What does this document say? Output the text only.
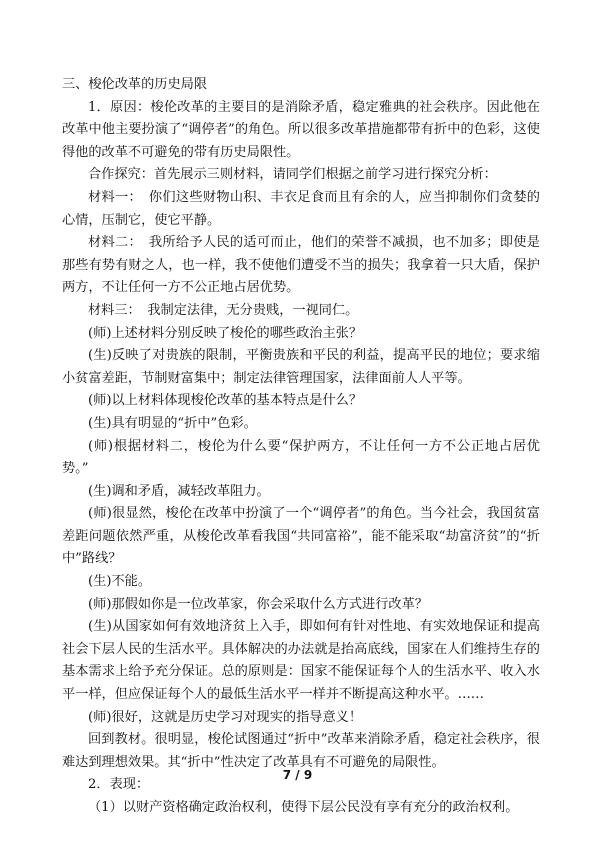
三、梭伦改革的历史局限

1．原因：梭伦改革的主要目的是消除矛盾，稳定雅典的社会秩序。因此他在改革中他主要扮演了“调停者”的角色。所以很多改革措施都带有折中的色彩，这使得他的改革不可避免的带有历史局限性。

合作探究：首先展示三则材料，请同学们根据之前学习进行探究分析：

材料一：　你们这些财物山积、丰衣足食而且有余的人，应当抑制你们贪婪的心情，压制它，使它平静。

材料二：　我所给予人民的适可而止，他们的荣誉不减损，也不加多；即使是那些有势有财之人，也一样，我不使他们遭受不当的损失；我拿着一只大盾，保护两方，不让任何一方不公正地占居优势。

材料三：　我制定法律，无分贵贱，一视同仁。

(师)上述材料分别反映了梭伦的哪些政治主张？

(生)反映了对贵族的限制，平衡贵族和平民的利益，提高平民的地位；要求缩小贫富差距，节制财富集中；制定法律管理国家，法律面前人人平等。

(师)以上材料体现梭伦改革的基本特点是什么？

(生)具有明显的“折中”色彩。

(师)根据材料二，梭伦为什么要“保护两方，不让任何一方不公正地占居优势。”

(生)调和矛盾，减轻改革阻力。

(师)很显然，梭伦在改革中扮演了一个“调停者”的角色。当今社会，我国贫富差距问题依然严重，从梭伦改革看我国“共同富裕”，能不能采取“劫富济贫”的“折中”路线？

(生)不能。

(师)那假如你是一位改革家，你会采取什么方式进行改革？

(生)从国家如何有效地济贫上入手，即如何有针对性地、有实效地保证和提高社会下层人民的生活水平。具体解决的办法就是抬高底线，国家在人们维持生存的基本需求上给予充分保证。总的原则是：国家不能保证每个人的生活水平、收入水平一样，但应保证每个人的最低生活水平一样并不断提高这种水平。……

(师)很好，这就是历史学习对现实的指导意义！

回到教材。很明显，梭伦试图通过“折中”改革来消除矛盾，稳定社会秩序，很难达到理想效果。其“折中”性决定了改革具有不可避免的局限性。

2．表现：

（1）以财产资格确定政治权利，使得下层公民没有享有充分的政治权利。

7 / 9
